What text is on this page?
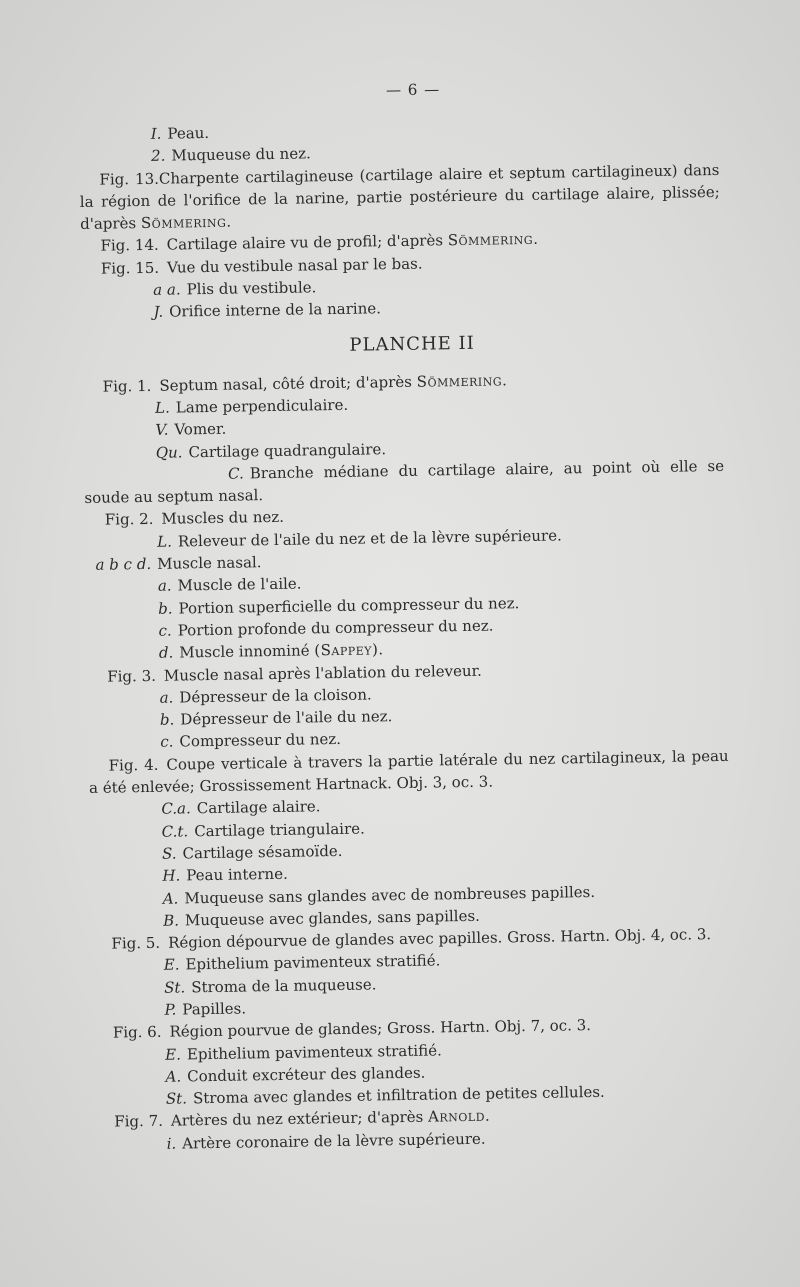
— 6 —

I. Peau.

2. Muqueuse du nez.

Fig. 13.Charpente cartilagineuse (cartilage alaire et septum cartilagineux) dans la région de l'orifice de la narine, partie postérieure du cartilage alaire, plissée; d'après Sömmering.

Fig. 14. Cartilage alaire vu de profil; d'après Sömmering.

Fig. 15. Vue du vestibule nasal par le bas.

a a. Plis du vestibule.

J. Orifice interne de la narine.

PLANCHE II

Fig. 1. Septum nasal, côté droit; d'après Sömmering.

L. Lame perpendiculaire.

V. Vomer.

Qu. Cartilage quadrangulaire.

C. Branche médiane du cartilage alaire, au point où elle se soude au septum nasal.

Fig. 2. Muscles du nez.

L. Releveur de l'aile du nez et de la lèvre supérieure.

a b c d. Muscle nasal.

a. Muscle de l'aile.

b. Portion superficielle du compresseur du nez.

c. Portion profonde du compresseur du nez.

d. Muscle innominé (Sappey).

Fig. 3. Muscle nasal après l'ablation du releveur.

a. Dépresseur de la cloison.

b. Dépresseur de l'aile du nez.

c. Compresseur du nez.

Fig. 4. Coupe verticale à travers la partie latérale du nez cartilagineux, la peau a été enlevée; Grossissement Hartnack. Obj. 3, oc. 3.

C.a. Cartilage alaire.

C.t. Cartilage triangulaire.

S. Cartilage sésamoïde.

H. Peau interne.

A. Muqueuse sans glandes avec de nombreuses papilles.

B. Muqueuse avec glandes, sans papilles.

Fig. 5. Région dépourvue de glandes avec papilles. Gross. Hartn. Obj. 4, oc. 3.

E. Epithelium pavimenteux stratifié.

St. Stroma de la muqueuse.

P. Papilles.

Fig. 6. Région pourvue de glandes; Gross. Hartn. Obj. 7, oc. 3.

E. Epithelium pavimenteux stratifié.

A. Conduit excréteur des glandes.

St. Stroma avec glandes et infiltration de petites cellules.

Fig. 7. Artères du nez extérieur; d'après Arnold.

i. Artère coronaire de la lèvre supérieure.
